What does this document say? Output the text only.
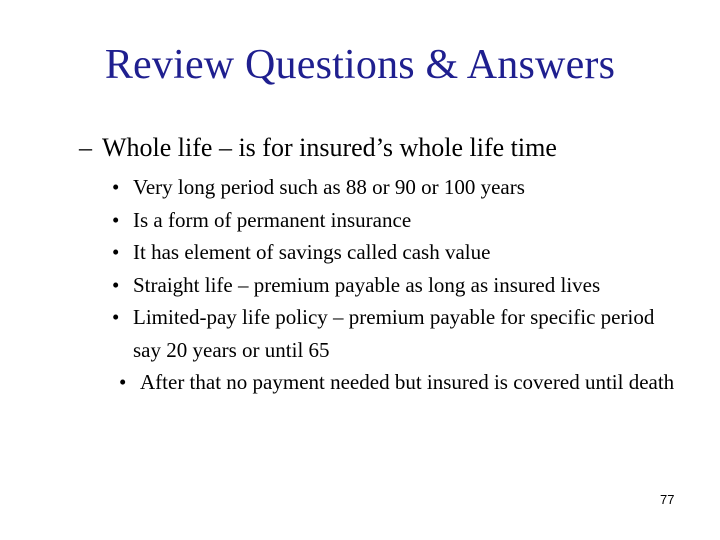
Review Questions & Answers
– Whole life – is for insured’s whole life time
• Very long period such as 88 or 90 or 100 years
• Is a form of permanent insurance
• It has element of savings called cash value
• Straight life – premium payable as long as insured lives
• Limited-pay life policy – premium payable for specific period say 20 years or until 65
• After that no payment needed but insured is covered until death
77
